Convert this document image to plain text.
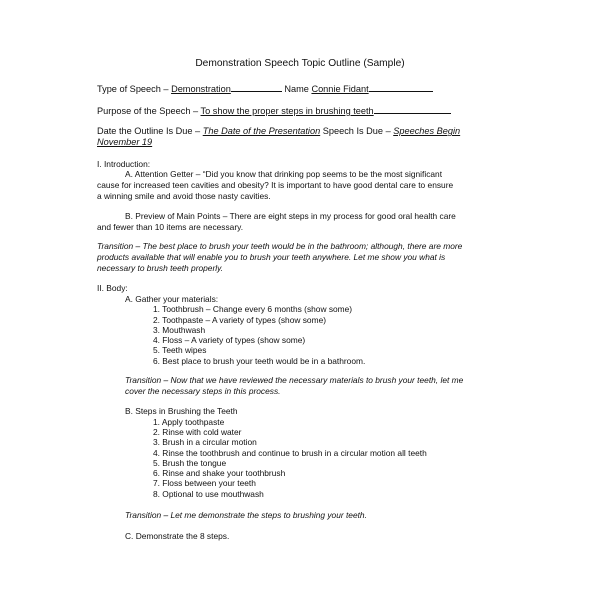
Demonstration Speech Topic Outline (Sample)
Type of Speech – Demonstration	Name Connie Fidant
Purpose of the Speech – To show the proper steps in brushing teeth
Date the Outline Is Due – The Date of the Presentation Speech Is Due – Speeches Begin
November 19
I. Introduction:
A. Attention Getter – “Did you know that drinking pop seems to be the most significant
cause for increased teen cavities and obesity? It is important to have good dental care to ensure
a winning smile and avoid those nasty cavities.
B. Preview of Main Points – There are eight steps in my process for good oral health care
and fewer than 10 items are necessary.
Transition – The best place to brush your teeth would be in the bathroom; although, there are more
products available that will enable you to brush your teeth anywhere. Let me show you what is
necessary to brush teeth properly.
II. Body:
A. Gather your materials:
1. Toothbrush – Change every 6 months (show some)
2. Toothpaste – A variety of types (show some)
3. Mouthwash
4. Floss – A variety of types (show some)
5. Teeth wipes
6. Best place to brush your teeth would be in a bathroom.
Transition – Now that we have reviewed the necessary materials to brush your teeth, let me
cover the necessary steps in this process.
B. Steps in Brushing the Teeth
1. Apply toothpaste
2. Rinse with cold water
3. Brush in a circular motion
4. Rinse the toothbrush and continue to brush in a circular motion all teeth
5. Brush the tongue
6. Rinse and shake your toothbrush
7. Floss between your teeth
8. Optional to use mouthwash
Transition – Let me demonstrate the steps to brushing your teeth.
C. Demonstrate the 8 steps.
